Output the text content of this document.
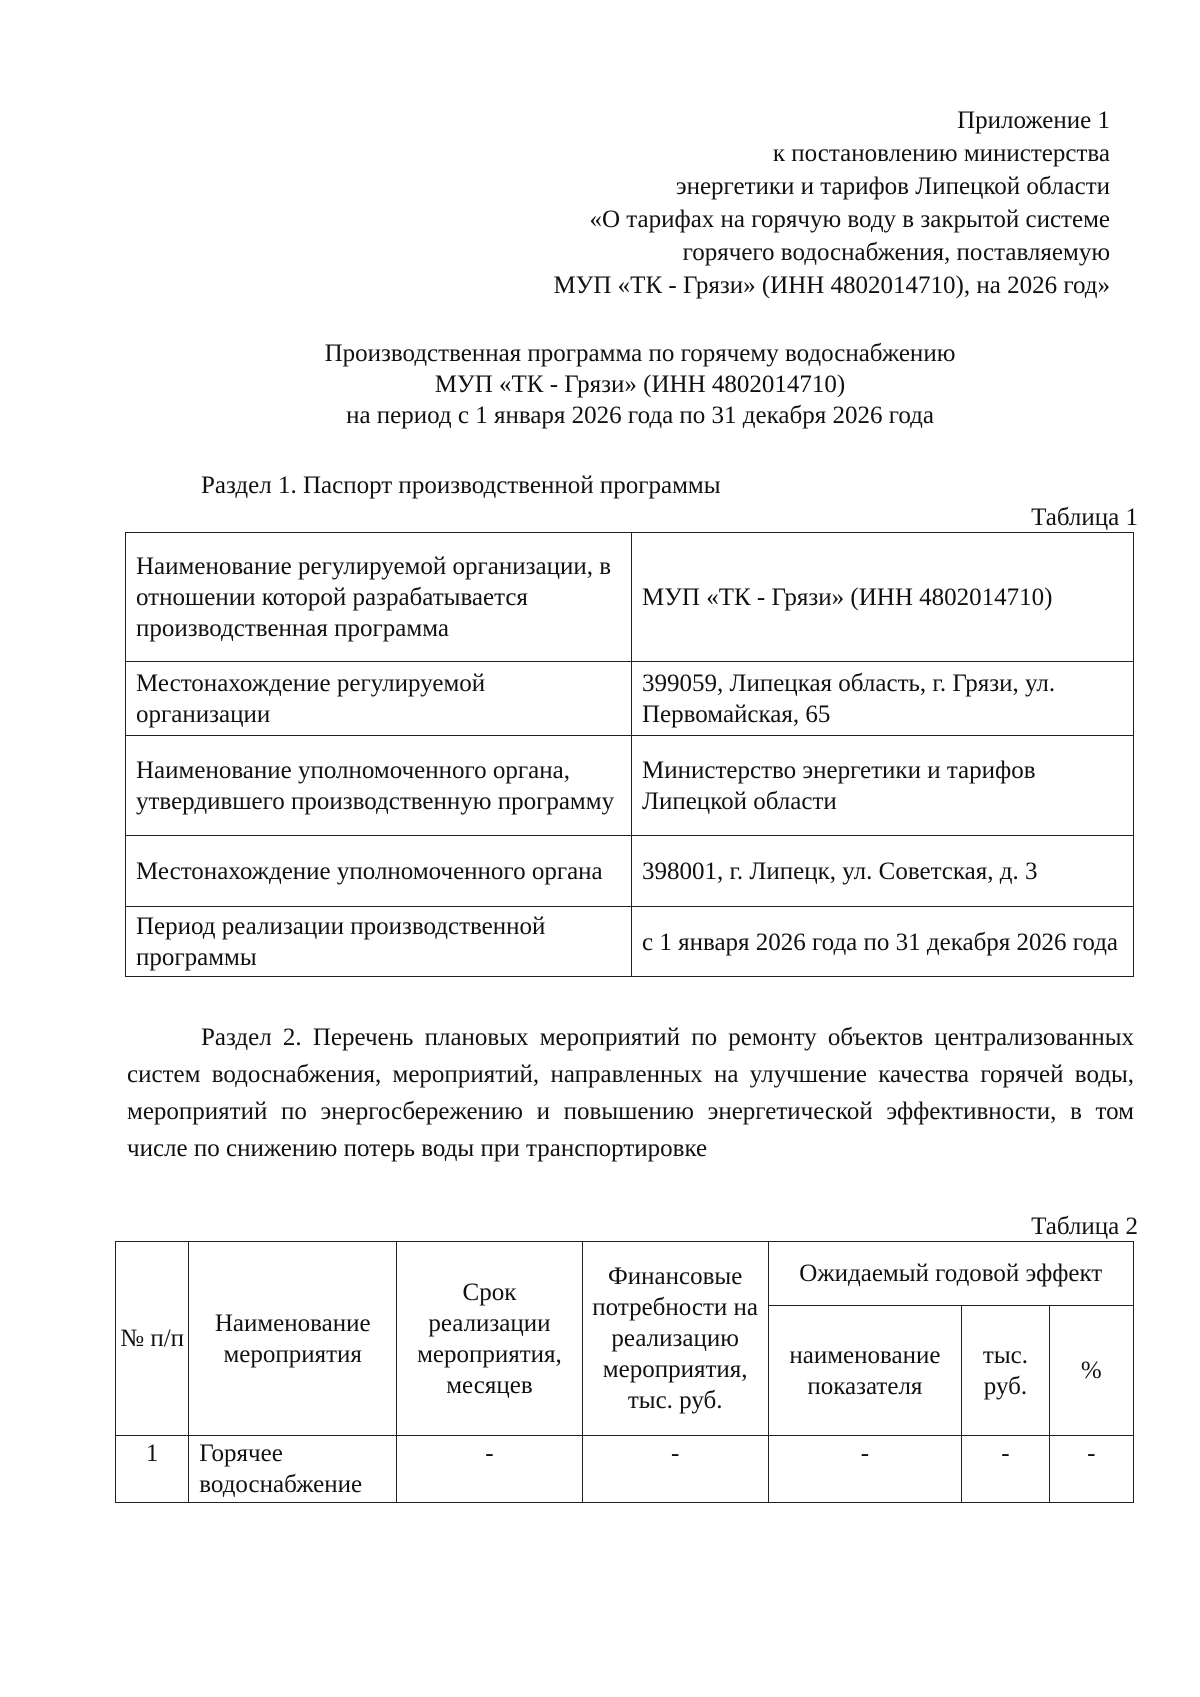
Приложение 1
к постановлению министерства
энергетики и тарифов Липецкой области
«О тарифах на горячую воду в закрытой системе
горячего водоснабжения, поставляемую
МУП «ТК - Грязи» (ИНН 4802014710), на 2026 год»
Производственная программа по горячему водоснабжению
МУП «ТК - Грязи» (ИНН 4802014710)
на период с 1 января 2026 года по 31 декабря 2026 года
Раздел 1. Паспорт производственной программы
Таблица 1
Наименование регулируемой организации, в отношении которой разрабатывается производственная программа	МУП «ТК - Грязи» (ИНН 4802014710)
Местонахождение регулируемой организации	399059, Липецкая область, г. Грязи, ул. Первомайская, 65
Наименование уполномоченного органа, утвердившего производственную программу	Министерство энергетики и тарифов Липецкой области
Местонахождение уполномоченного органа	398001, г. Липецк, ул. Советская, д. 3
Период реализации производственной программы	с 1 января 2026 года по 31 декабря 2026 года
Раздел 2. Перечень плановых мероприятий по ремонту объектов централизованных систем водоснабжения, мероприятий, направленных на улучшение качества горячей воды, мероприятий по энергосбережению и повышению энергетической эффективности, в том числе по снижению потерь воды при транспортировке
Таблица 2
№ п/п	Наименование мероприятия	Срок реализации мероприятия, месяцев	Финансовые потребности на реализацию мероприятия, тыс. руб.	Ожидаемый годовой эффект		
				наименование показателя	тыс. руб.	%
1	Горячее водоснабжение	-	-	-	-	-
